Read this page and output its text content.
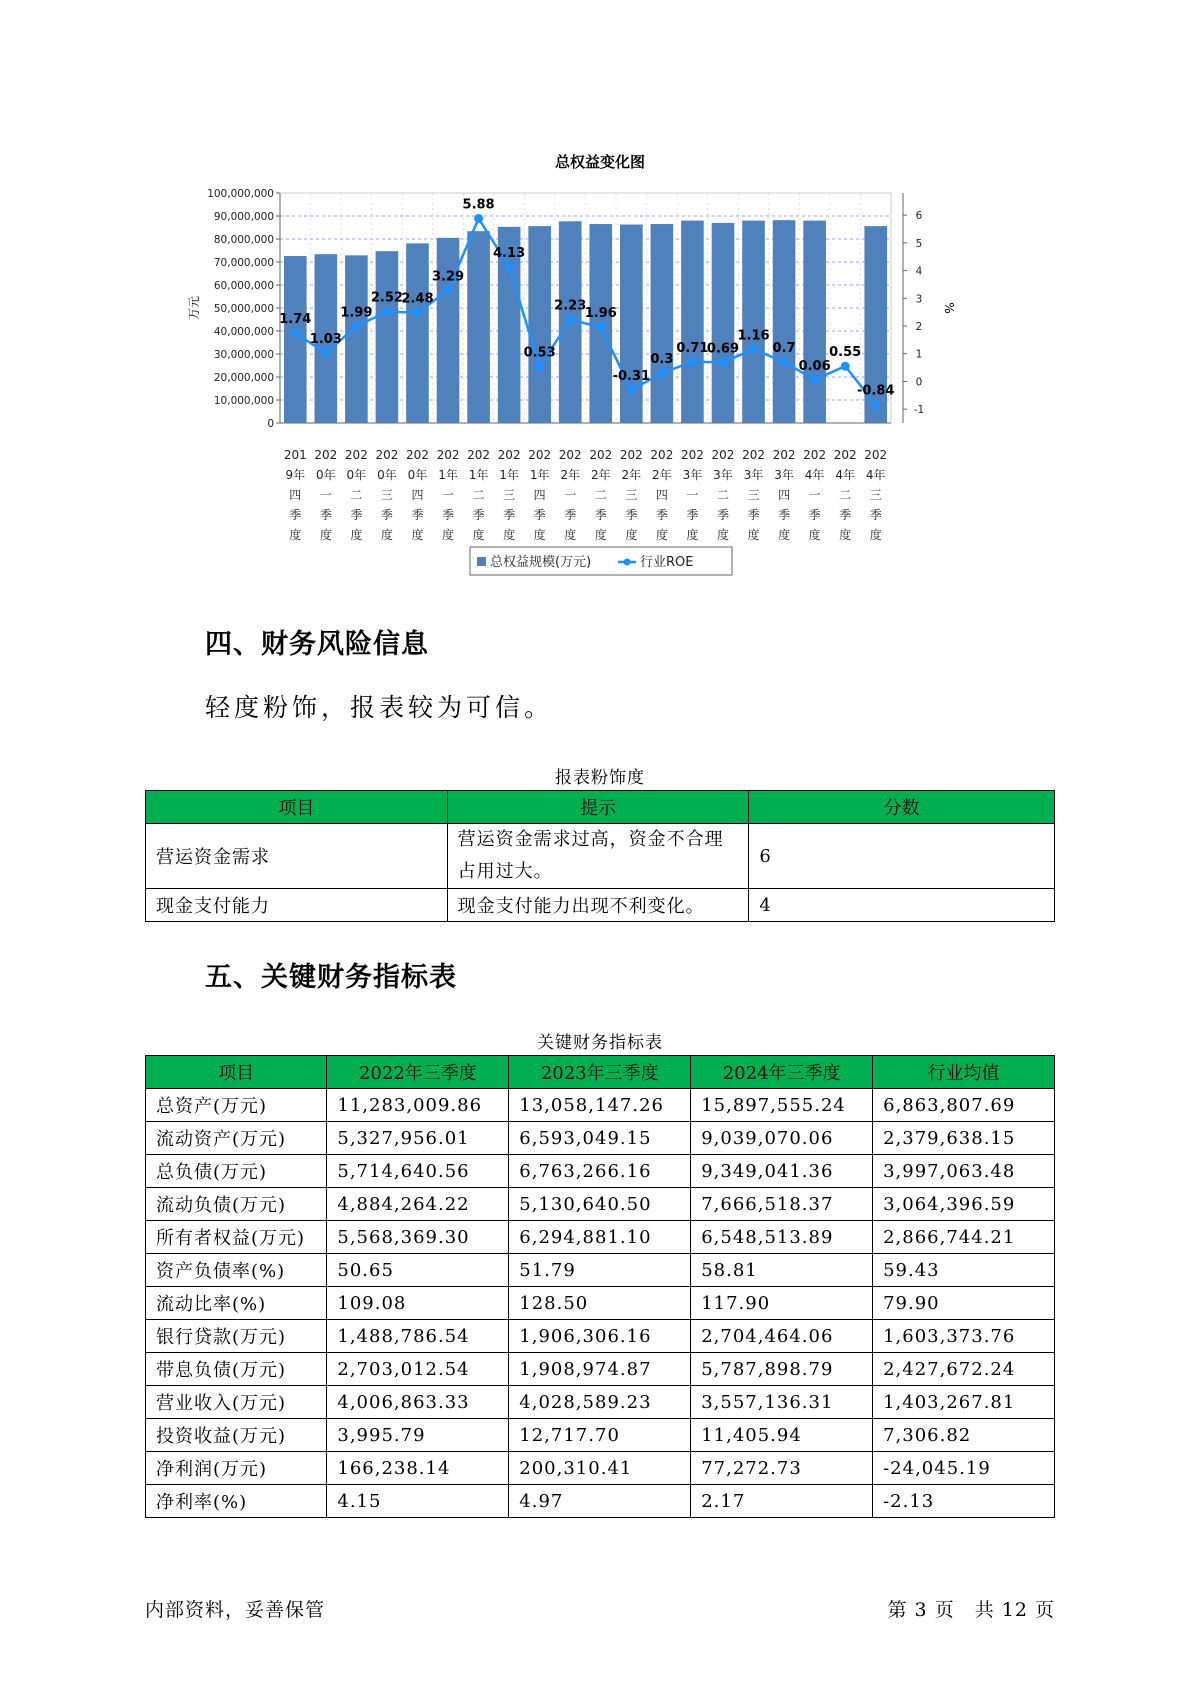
总权益变化图
100,000,000
90,000,000
80,000,000
70,000,000
60,000,000
50,000,000
40,000,000
30,000,000
20,000,000
10,000,000
0
6
5
4
3
2
1
0
-1
万元	%
1.74
1.03
1.99
2.52
2.48
3.29
5.88
4.13
0.53
2.23
1.96
-0.31
0.3
0.71
0.69
1.16
0.7
0.06
0.55
-0.84
201
9年
四
季
度
202
0年
一
季
度
202
0年
二
季
度
202
0年
三
季
度
202
0年
四
季
度
202
1年
一
季
度
202
1年
二
季
度
202
1年
三
季
度
202
1年
四
季
度
202
2年
一
季
度
202
2年
二
季
度
202
2年
三
季
度
202
2年
四
季
度
202
3年
一
季
度
202
3年
二
季
度
202
3年
三
季
度
202
3年
四
季
度
202
4年
一
季
度
202
4年
二
季
度
202
4年
三
季
度
总权益规模(万元)	行业ROE
四、财务风险信息
轻度粉饰，报表较为可信。
报表粉饰度
项目	提示	分数
营运资金需求	营运资金需求过高，资金不合理占用过大。	6
现金支付能力	现金支付能力出现不利变化。	4
五、关键财务指标表
关键财务指标表
项目	2022年三季度	2023年三季度	2024年三季度	行业均值
总资产(万元)	11,283,009.86	13,058,147.26	15,897,555.24	6,863,807.69
流动资产(万元)	5,327,956.01	6,593,049.15	9,039,070.06	2,379,638.15
总负债(万元)	5,714,640.56	6,763,266.16	9,349,041.36	3,997,063.48
流动负债(万元)	4,884,264.22	5,130,640.50	7,666,518.37	3,064,396.59
所有者权益(万元)	5,568,369.30	6,294,881.10	6,548,513.89	2,866,744.21
资产负债率(%)	50.65	51.79	58.81	59.43
流动比率(%)	109.08	128.50	117.90	79.90
银行贷款(万元)	1,488,786.54	1,906,306.16	2,704,464.06	1,603,373.76
带息负债(万元)	2,703,012.54	1,908,974.87	5,787,898.79	2,427,672.24
营业收入(万元)	4,006,863.33	4,028,589.23	3,557,136.31	1,403,267.81
投资收益(万元)	3,995.79	12,717.70	11,405.94	7,306.82
净利润(万元)	166,238.14	200,310.41	77,272.73	-24,045.19
净利率(%)	4.15	4.97	2.17	-2.13
内部资料，妥善保管	第 3 页　共 12 页
